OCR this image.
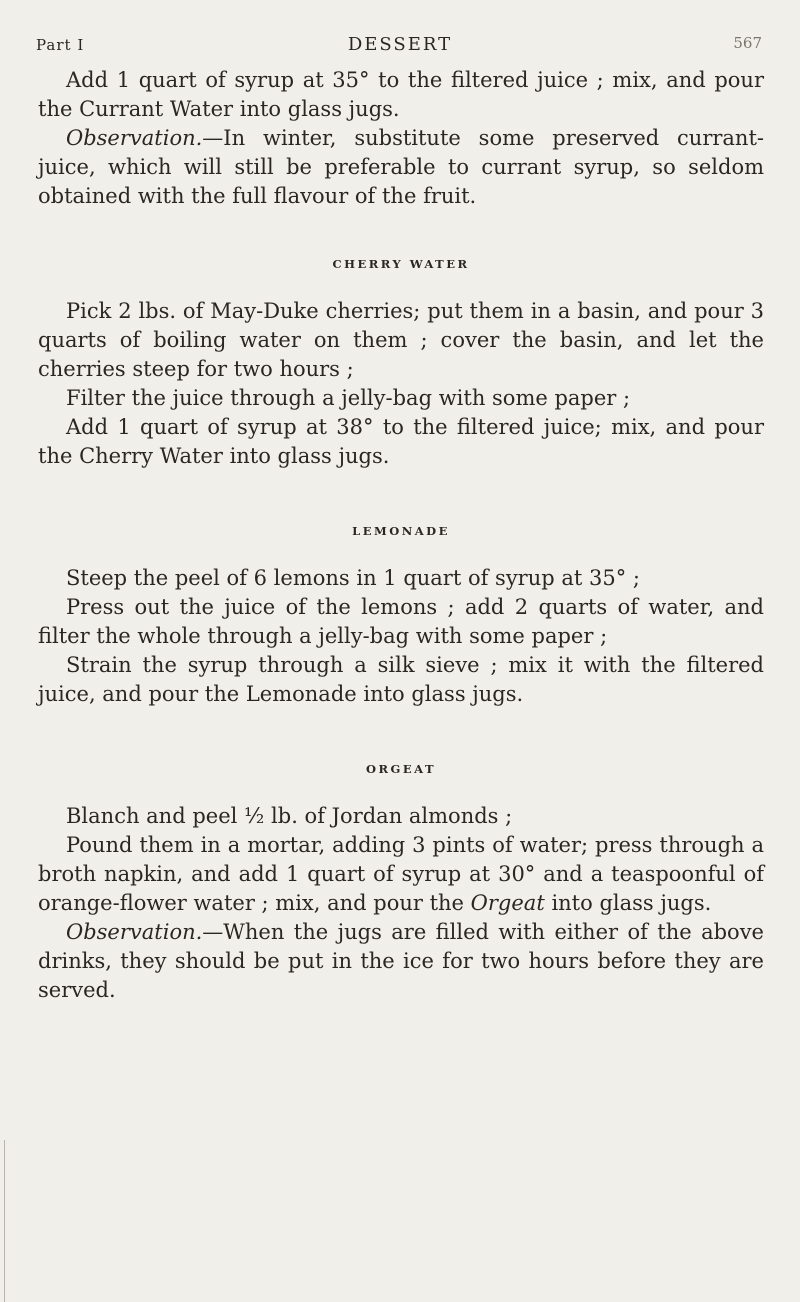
Part I	DESSERT	567

Add 1 quart of syrup at 35° to the filtered juice ; mix, and pour the Currant Water into glass jugs.

Observation.—In winter, substitute some preserved currant-juice, which will still be preferable to currant syrup, so seldom obtained with the full flavour of the fruit.

CHERRY WATER

Pick 2 lbs. of May-Duke cherries; put them in a basin, and pour 3 quarts of boiling water on them ; cover the basin, and let the cherries steep for two hours ;

Filter the juice through a jelly-bag with some paper ;

Add 1 quart of syrup at 38° to the filtered juice; mix, and pour the Cherry Water into glass jugs.

LEMONADE

Steep the peel of 6 lemons in 1 quart of syrup at 35° ;

Press out the juice of the lemons ; add 2 quarts of water, and filter the whole through a jelly-bag with some paper ;

Strain the syrup through a silk sieve ; mix it with the filtered juice, and pour the Lemonade into glass jugs.

ORGEAT

Blanch and peel ½ lb. of Jordan almonds ;

Pound them in a mortar, adding 3 pints of water; press through a broth napkin, and add 1 quart of syrup at 30° and a teaspoonful of orange-flower water ; mix, and pour the Orgeat into glass jugs.

Observation.—When the jugs are filled with either of the above drinks, they should be put in the ice for two hours before they are served.
